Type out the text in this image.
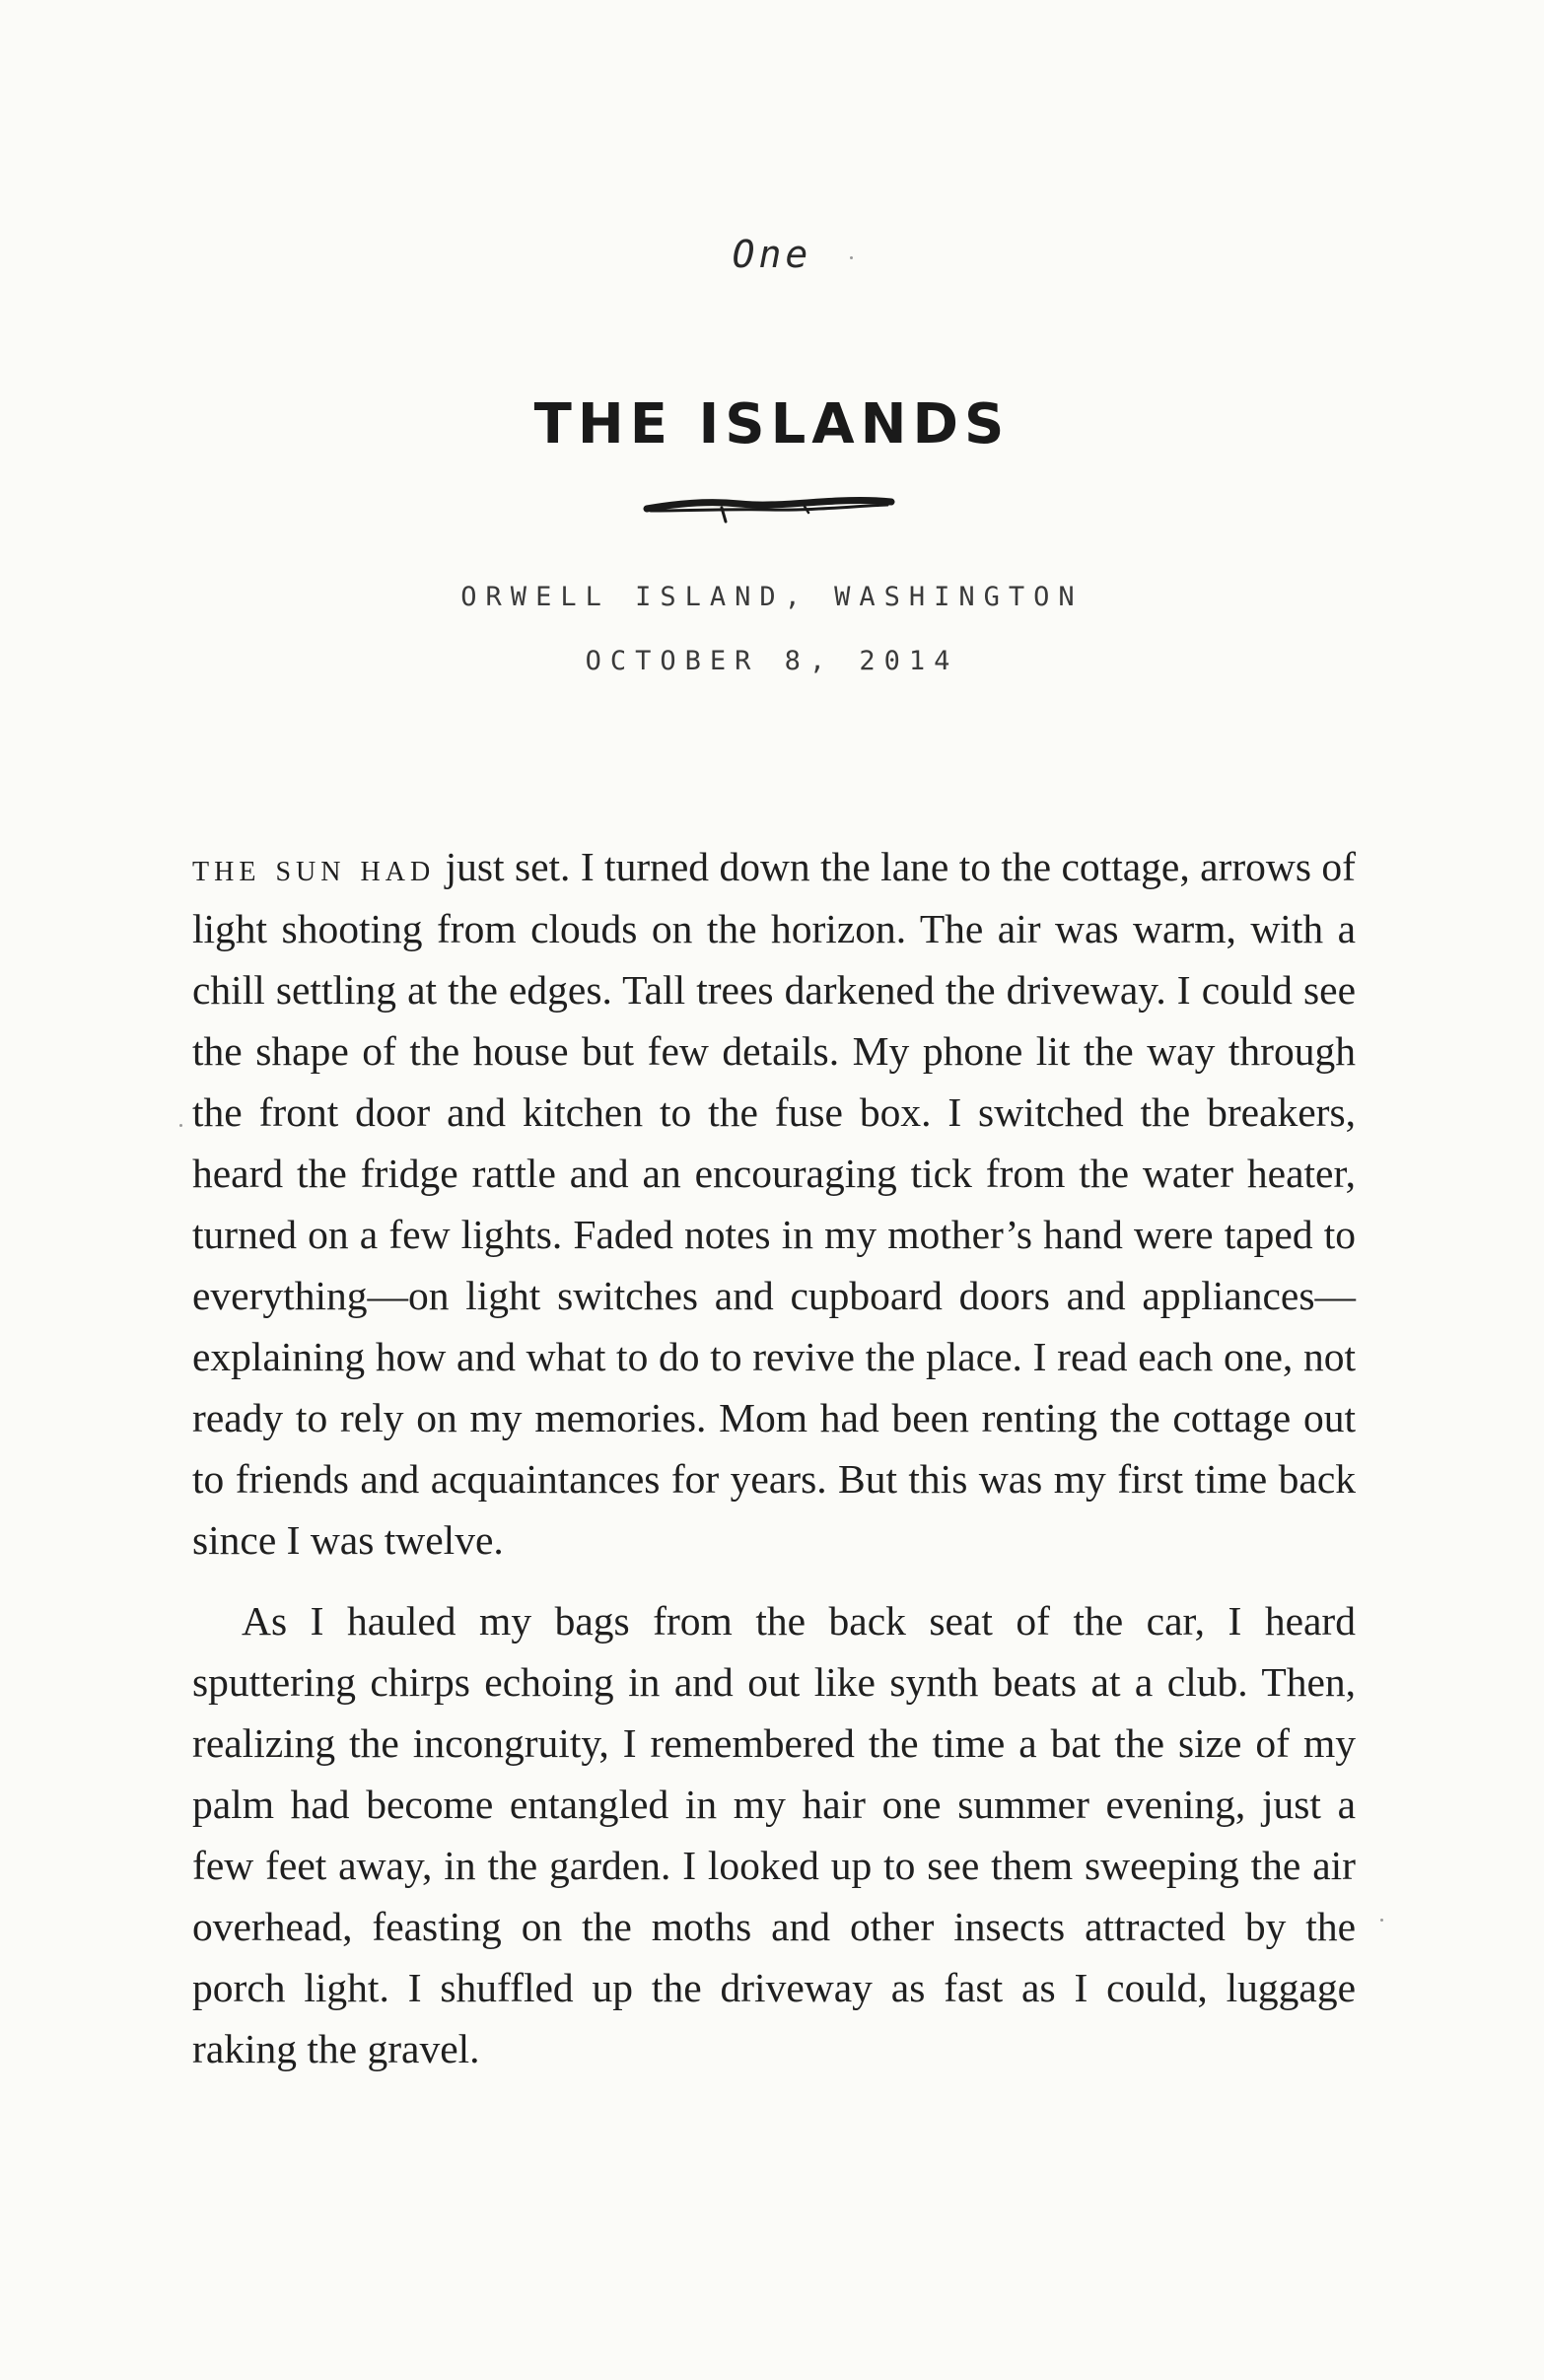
One
THE ISLANDS
ORWELL ISLAND, WASHINGTON
OCTOBER 8, 2014

the sun had just set. I turned down the lane to the cottage, arrows of light shooting from clouds on the horizon. The air was warm, with a chill settling at the edges. Tall trees darkened the driveway. I could see the shape of the house but few details. My phone lit the way through the front door and kitchen to the fuse box. I switched the breakers, heard the fridge rattle and an encouraging tick from the water heater, turned on a few lights. Faded notes in my mother’s hand were taped to everything—on light switches and cupboard doors and appliances—explaining how and what to do to revive the place. I read each one, not ready to rely on my memories. Mom had been renting the cottage out to friends and acquaintances for years. But this was my first time back since I was twelve.

As I hauled my bags from the back seat of the car, I heard sputtering chirps echoing in and out like synth beats at a club. Then, realizing the incongruity, I remembered the time a bat the size of my palm had become entangled in my hair one summer evening, just a few feet away, in the garden. I looked up to see them sweeping the air overhead, feasting on the moths and other insects attracted by the porch light. I shuffled up the driveway as fast as I could, luggage raking the gravel.
